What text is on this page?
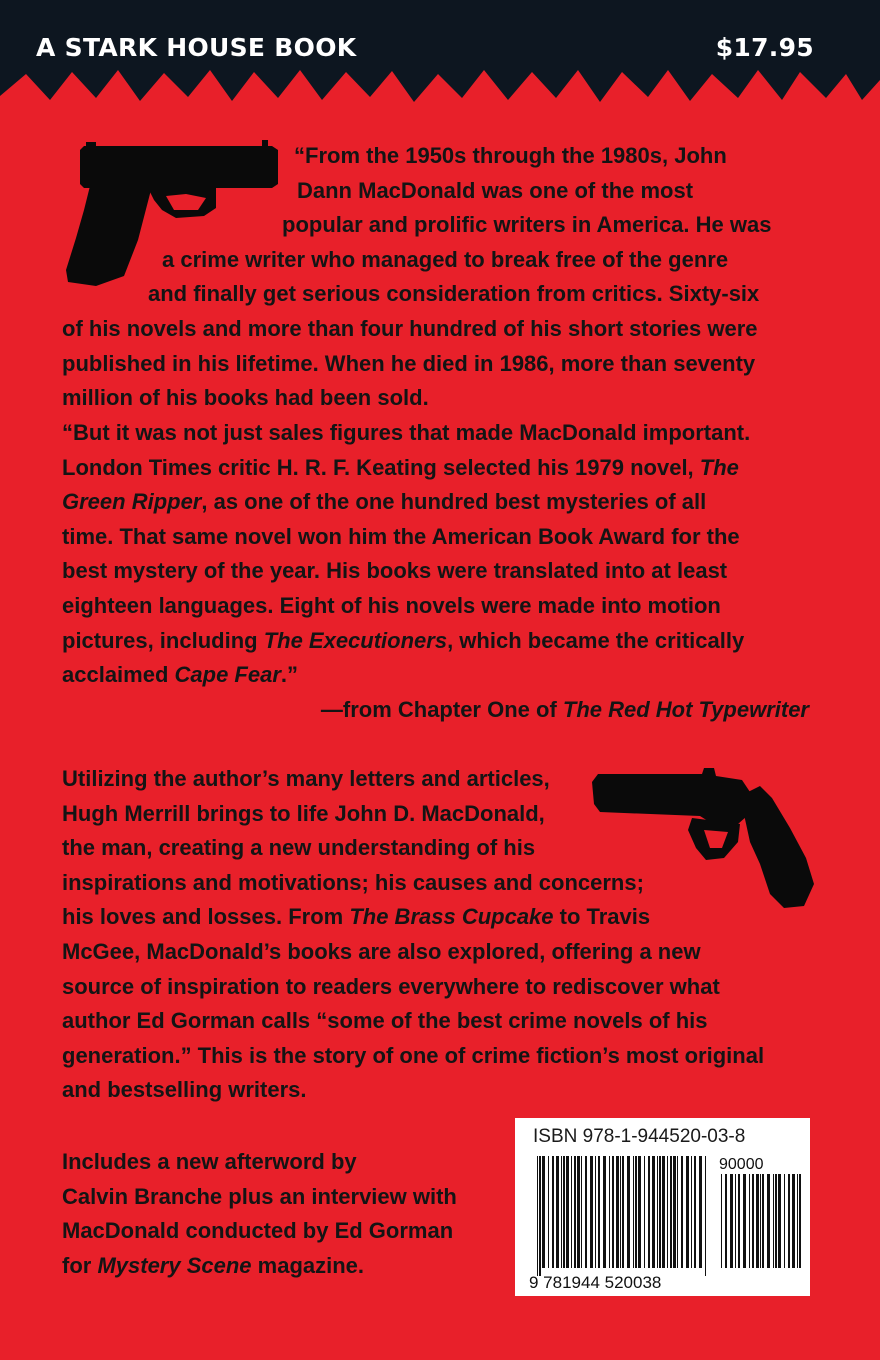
A STARK HOUSE BOOK	$17.95

“From the 1950s through the 1980s, John
Dann MacDonald was one of the most
popular and prolific writers in America. He was
a crime writer who managed to break free of the genre
and finally get serious consideration from critics. Sixty-six
of his novels and more than four hundred of his short stories were
published in his lifetime. When he died in 1986, more than seventy
million of his books had been sold.
“But it was not just sales figures that made MacDonald important.
London Times critic H. R. F. Keating selected his 1979 novel, The
Green Ripper, as one of the one hundred best mysteries of all
time. That same novel won him the American Book Award for the
best mystery of the year. His books were translated into at least
eighteen languages. Eight of his novels were made into motion
pictures, including The Executioners, which became the critically
acclaimed Cape Fear.”

—from Chapter One of The Red Hot Typewriter

Utilizing the author’s many letters and articles,
Hugh Merrill brings to life John D. MacDonald,
the man, creating a new understanding of his
inspirations and motivations; his causes and concerns;
his loves and losses. From The Brass Cupcake to Travis
McGee, MacDonald’s books are also explored, offering a new
source of inspiration to readers everywhere to rediscover what
author Ed Gorman calls “some of the best crime novels of his
generation.” This is the story of one of crime fiction’s most original
and bestselling writers.
Includes a new afterword by
Calvin Branche plus an interview with
MacDonald conducted by Ed Gorman
for Mystery Scene magazine.

ISBN 978-1-944520-03-8

90000
9 781944 520038
